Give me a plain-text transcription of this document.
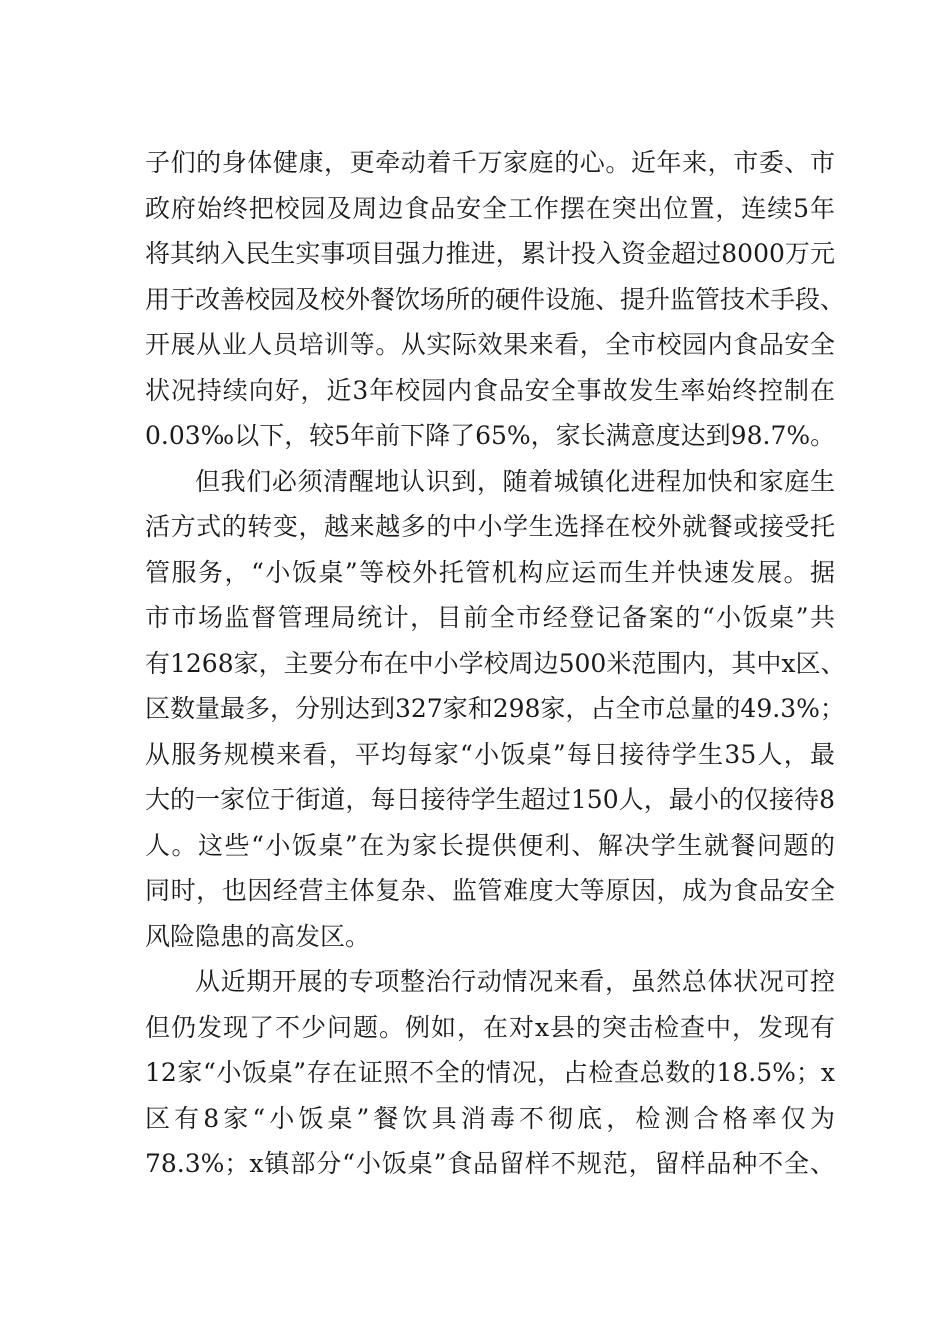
子们的身体健康，更牵动着千万家庭的心。近年来，市委、市
政府始终把校园及周边食品安全工作摆在突出位置，连续5年
将其纳入民生实事项目强力推进，累计投入资金超过8000万元
用于改善校园及校外餐饮场所的硬件设施、提升监管技术手段、
开展从业人员培训等。从实际效果来看，全市校园内食品安全
状况持续向好，近3年校园内食品安全事故发生率始终控制在
0.03‰以下，较5年前下降了65%，家长满意度达到98.7%。
但我们必须清醒地认识到，随着城镇化进程加快和家庭生
活方式的转变，越来越多的中小学生选择在校外就餐或接受托
管服务，“小饭桌”等校外托管机构应运而生并快速发展。据
市市场监督管理局统计，目前全市经登记备案的“小饭桌”共
有1268家，主要分布在中小学校周边500米范围内，其中x区、
区数量最多，分别达到327家和298家，占全市总量的49.3%；
从服务规模来看，平均每家“小饭桌”每日接待学生35人，最
大的一家位于街道，每日接待学生超过150人，最小的仅接待8
人。这些“小饭桌”在为家长提供便利、解决学生就餐问题的
同时，也因经营主体复杂、监管难度大等原因，成为食品安全
风险隐患的高发区。
从近期开展的专项整治行动情况来看，虽然总体状况可控
但仍发现了不少问题。例如，在对x县的突击检查中，发现有
12家“小饭桌”存在证照不全的情况，占检查总数的18.5%；x
区有8家“小饭桌”餐饮具消毒不彻底，检测合格率仅为
78.3%；x镇部分“小饭桌”食品留样不规范，留样品种不全、
